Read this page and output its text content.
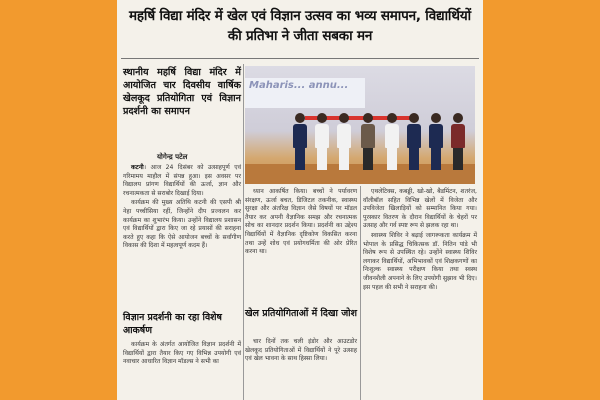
महर्षि विद्या मंदिर में खेल एवं विज्ञान उत्सव का भव्य समापन, विद्यार्थियों की प्रतिभा ने जीता सबका मन
स्थानीय महर्षि विद्या मंदिर में आयोजित चार दिवसीय वार्षिक खेलकूद प्रतियोगिता एवं विज्ञान प्रदर्शनी का समापन
योगेन्द्र पटेल

कटनी। आज 24 दिसंबर को उत्साहपूर्ण एवं गरिमामय माहौल में संपन्न हुआ। इस अवसर पर विद्यालय प्रांगण विद्यार्थियों की ऊर्जा, ज्ञान और रचनात्मकता से सराबोर दिखाई दिया।

कार्यक्रम की मुख्य अतिथि कटनी की एसपी श्री नेहा पच्चीसिया रहीं, जिन्होंने दीप प्रज्वलन कर कार्यक्रम का शुभारंभ किया। उन्होंने विद्यालय प्रशासन एवं विद्यार्थियों द्वारा किए जा रहे प्रयासों की सराहना करते हुए कहा कि ऐसे आयोजन बच्चों के सर्वांगीण विकास की दिशा में महत्वपूर्ण कदम हैं।

विज्ञान प्रदर्शनी का रहा विशेष आकर्षण

कार्यक्रम के अंतर्गत आयोजित विज्ञान प्रदर्शनी में विद्यार्थियों द्वारा तैयार किए गए विभिन्न उपयोगी एवं नवाचार आधारित विज्ञान मॉडल्स ने सभी का

Maharis... annu...

ध्यान आकर्षित किया। बच्चों ने पर्यावरण संरक्षण, ऊर्जा बचत, डिजिटल तकनीक, स्वास्थ्य सुरक्षा और अंतरिक्ष विज्ञान जैसे विषयों पर मॉडल तैयार कर अपनी वैज्ञानिक समझ और रचनात्मक सोच का शानदार प्रदर्शन किया। प्रदर्शनी का उद्देश्य विद्यार्थियों में वैज्ञानिक दृष्टिकोण विकसित करना तथा उन्हें शोध एवं प्रयोगधर्मिता की ओर प्रेरित करना था।

खेल प्रतियोगिताओं में दिखा जोश

चार दिनों तक चली इंडोर और आउटडोर खेलकूद प्रतियोगिताओं में विद्यार्थियों ने पूरे उत्साह एवं खेल भावना के साथ हिस्सा लिया।

एथलेटिक्स, कबड्डी, खो-खो, बैडमिंटन, शतरंज, वॉलीबॉल सहित विभिन्न खेलों में विजेता और उपविजेता खिलाड़ियों को सम्मानित किया गया। पुरस्कार वितरण के दौरान विद्यार्थियों के चेहरों पर उत्साह और गर्व स्पष्ट रूप से झलक रहा था।

स्वास्थ्य शिविर ने बढ़ाई जागरूकता कार्यक्रम में भोपाल के प्रसिद्ध चिकित्सक डॉ. नितिन पांडे भी विशेष रूप से उपस्थित रहे। उन्होंने स्वास्थ्य शिविर लगाकर विद्यार्थियों, अभिभावकों एवं शिक्षकगणों का निःशुल्क स्वास्थ्य परीक्षण किया तथा स्वस्थ जीवनशैली अपनाने के लिए उपयोगी सुझाव भी दिए। इस पहल की सभी ने सराहना की।
